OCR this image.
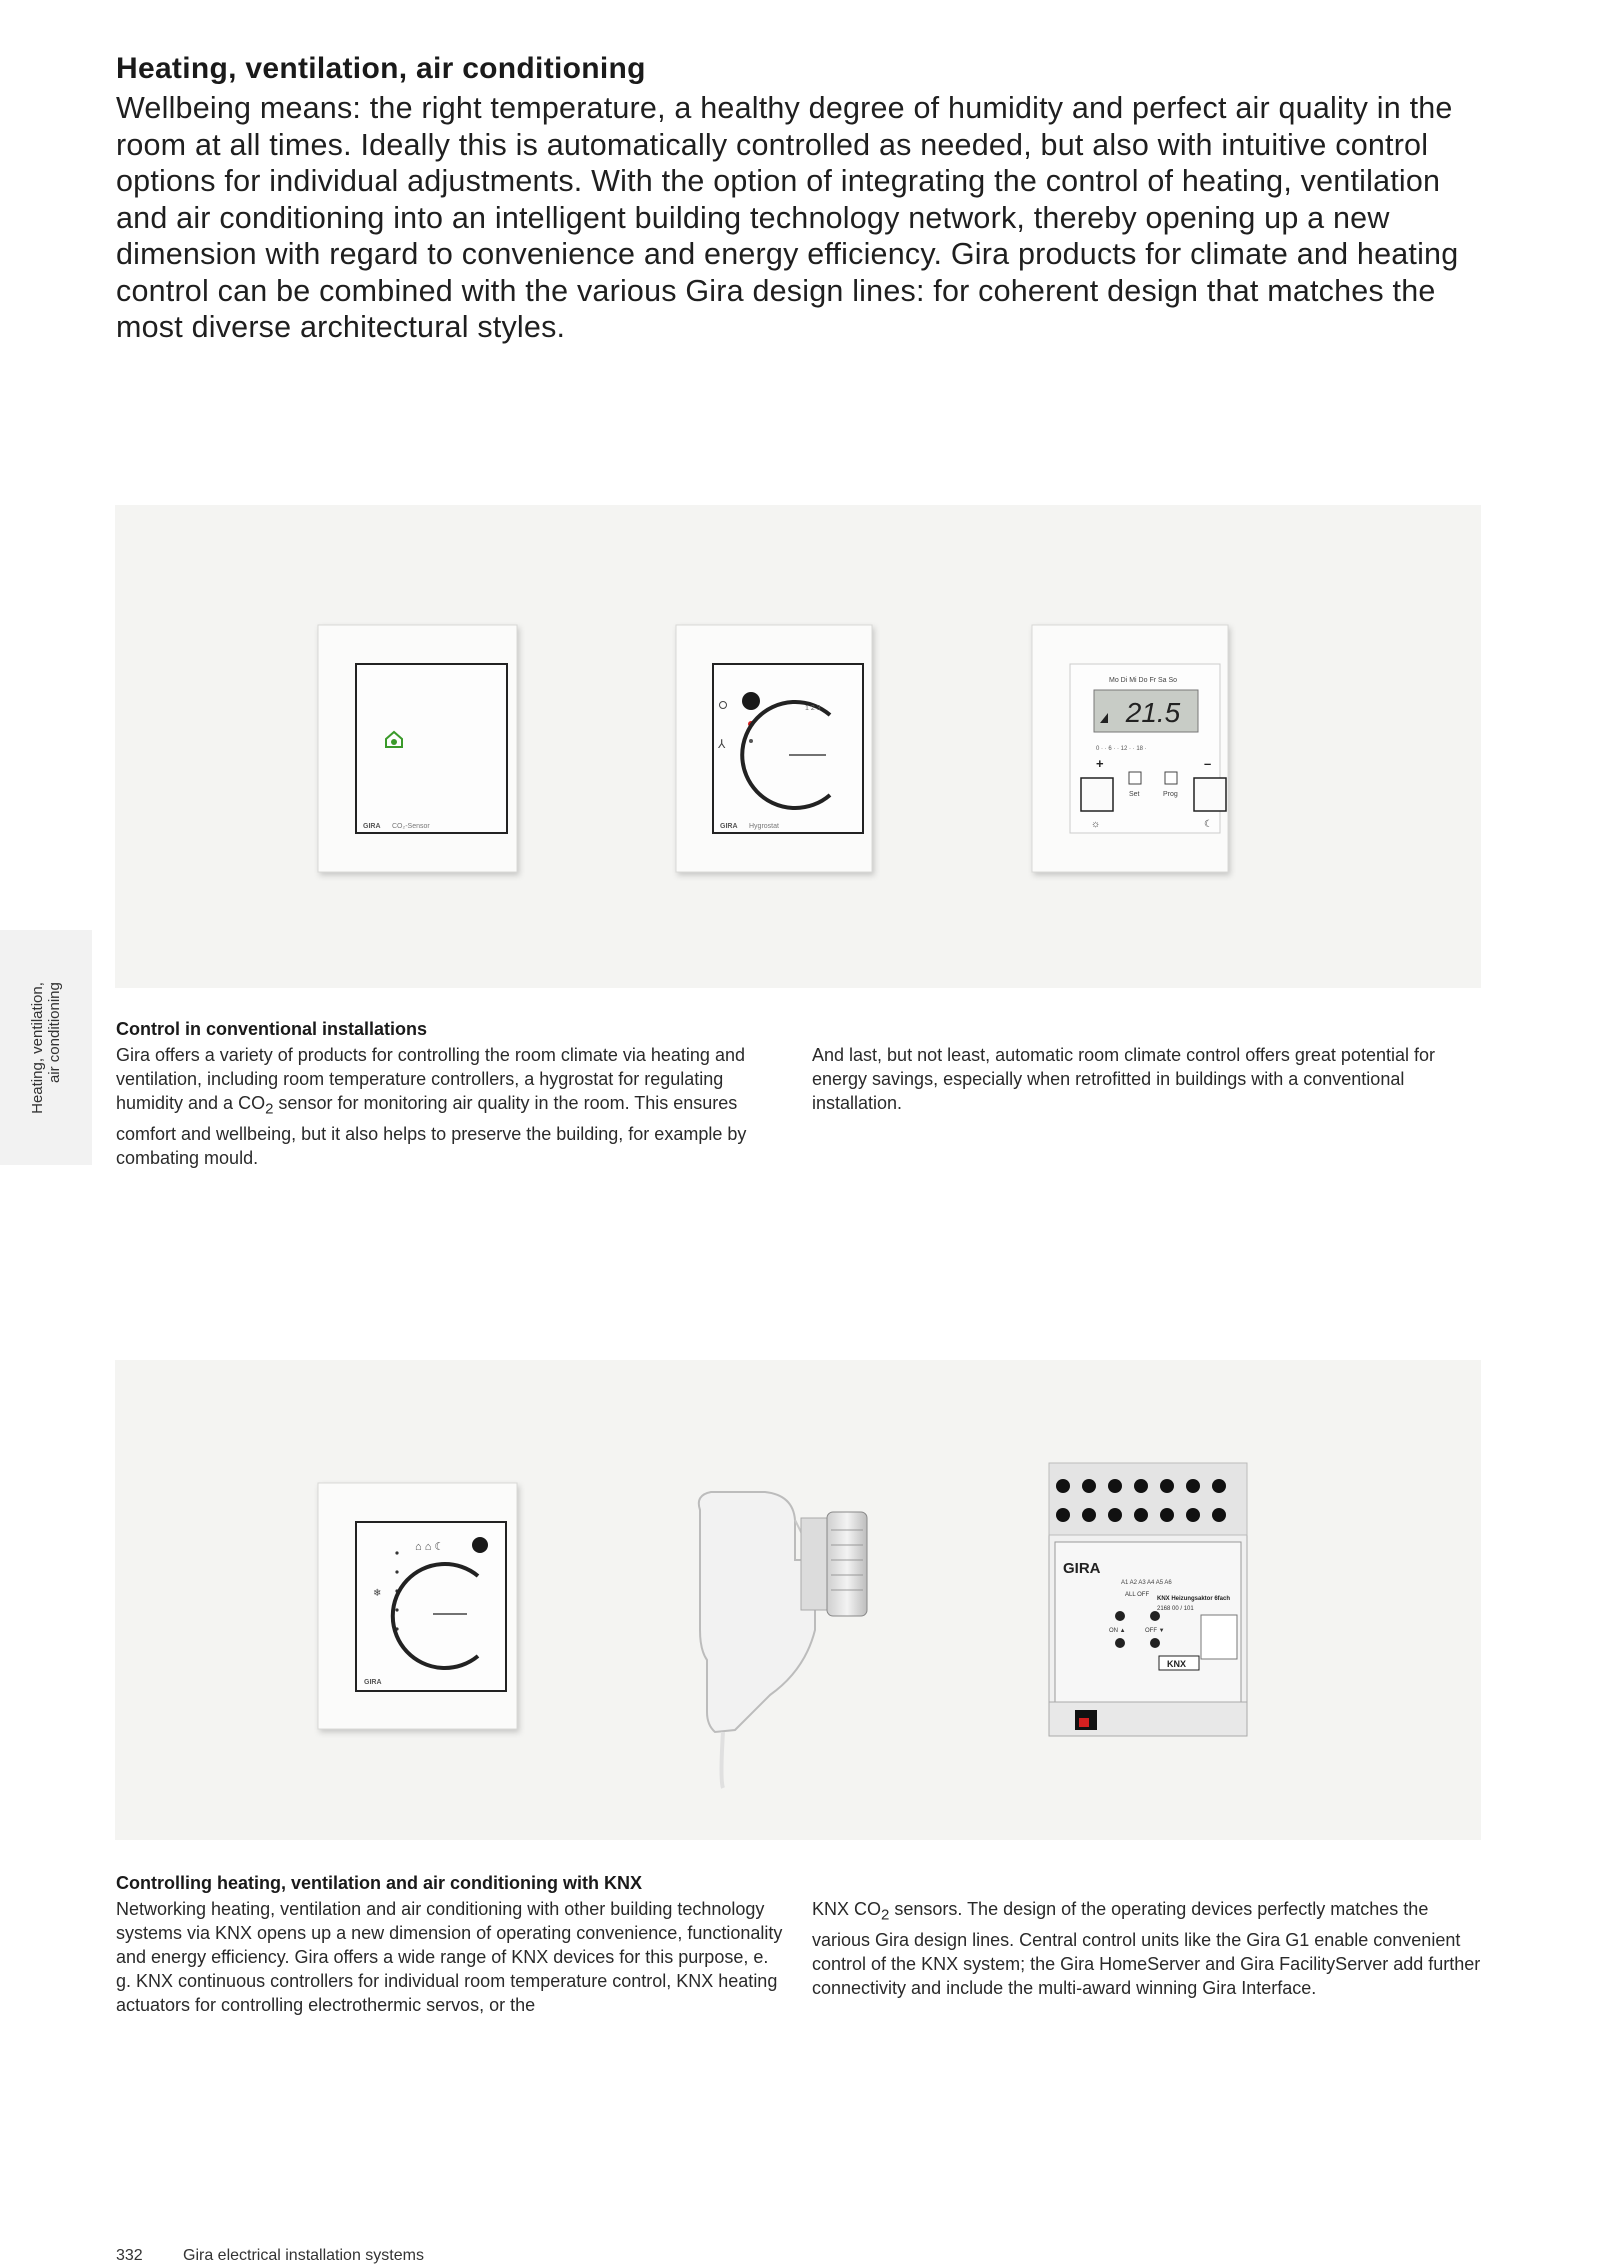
Heating, ventilation, air conditioning
Wellbeing means: the right temperature, a healthy degree of humidity and perfect air quality in the room at all times. Ideally this is automatically controlled as needed, but also with intuitive control options for individual adjustments. With the option of integrating the control of heating, ventilation and air conditioning into an intelligent building technology network, thereby opening up a new dimension with regard to convenience and energy efficiency. Gira products for climate and heating control can be combined with the various Gira design lines: for coherent design that matches the most diverse architectural styles.
Heating, ventilation,
air conditioning
GIRA CO₂-Sensor
⅄
1 2 3
GIRA Hygrostat
Mo Di Mi Do Fr Sa So
21.5
0 · · 6 · · 12 · · 18 ·
+	–
Set	Prog
☼	☾
Control in conventional installations
Gira offers a variety of products for controlling the room climate via heating and ventilation, including room temperature controllers, a hygrostat for regulating humidity and a $CO_2$ sensor for monitoring air quality in the room. This ensures comfort and wellbeing, but it also helps to preserve the building, for example by combating mould.
And last, but not least, automatic room climate control offers great potential for energy savings, especially when retrofitted in buildings with a conventional installation.
⌂ ⌂ ☾
❄
GIRA
GIRA
A1 A2 A3 A4 A5 A6
KNX Heizungsaktor 6fach
2168 00 / 101
ALL OFF
ON ▲	OFF ▼
KNX
Controlling heating, ventilation and air conditioning with KNX
Networking heating, ventilation and air conditioning with other building technology systems via KNX opens up a new dimension of operating convenience, functionality and energy efficiency. Gira offers a wide range of KNX devices for this purpose, e. g. KNX continuous controllers for individual room temperature control, KNX heating actuators for controlling electrothermic servos, or the
KNX $CO_2$ sensors. The design of the operating devices perfectly matches the various Gira design lines. Central control units like the Gira G1 enable convenient control of the KNX system; the Gira HomeServer and Gira FacilityServer add further connectivity and include the multi-award winning Gira Interface.
332	Gira electrical installation systems
